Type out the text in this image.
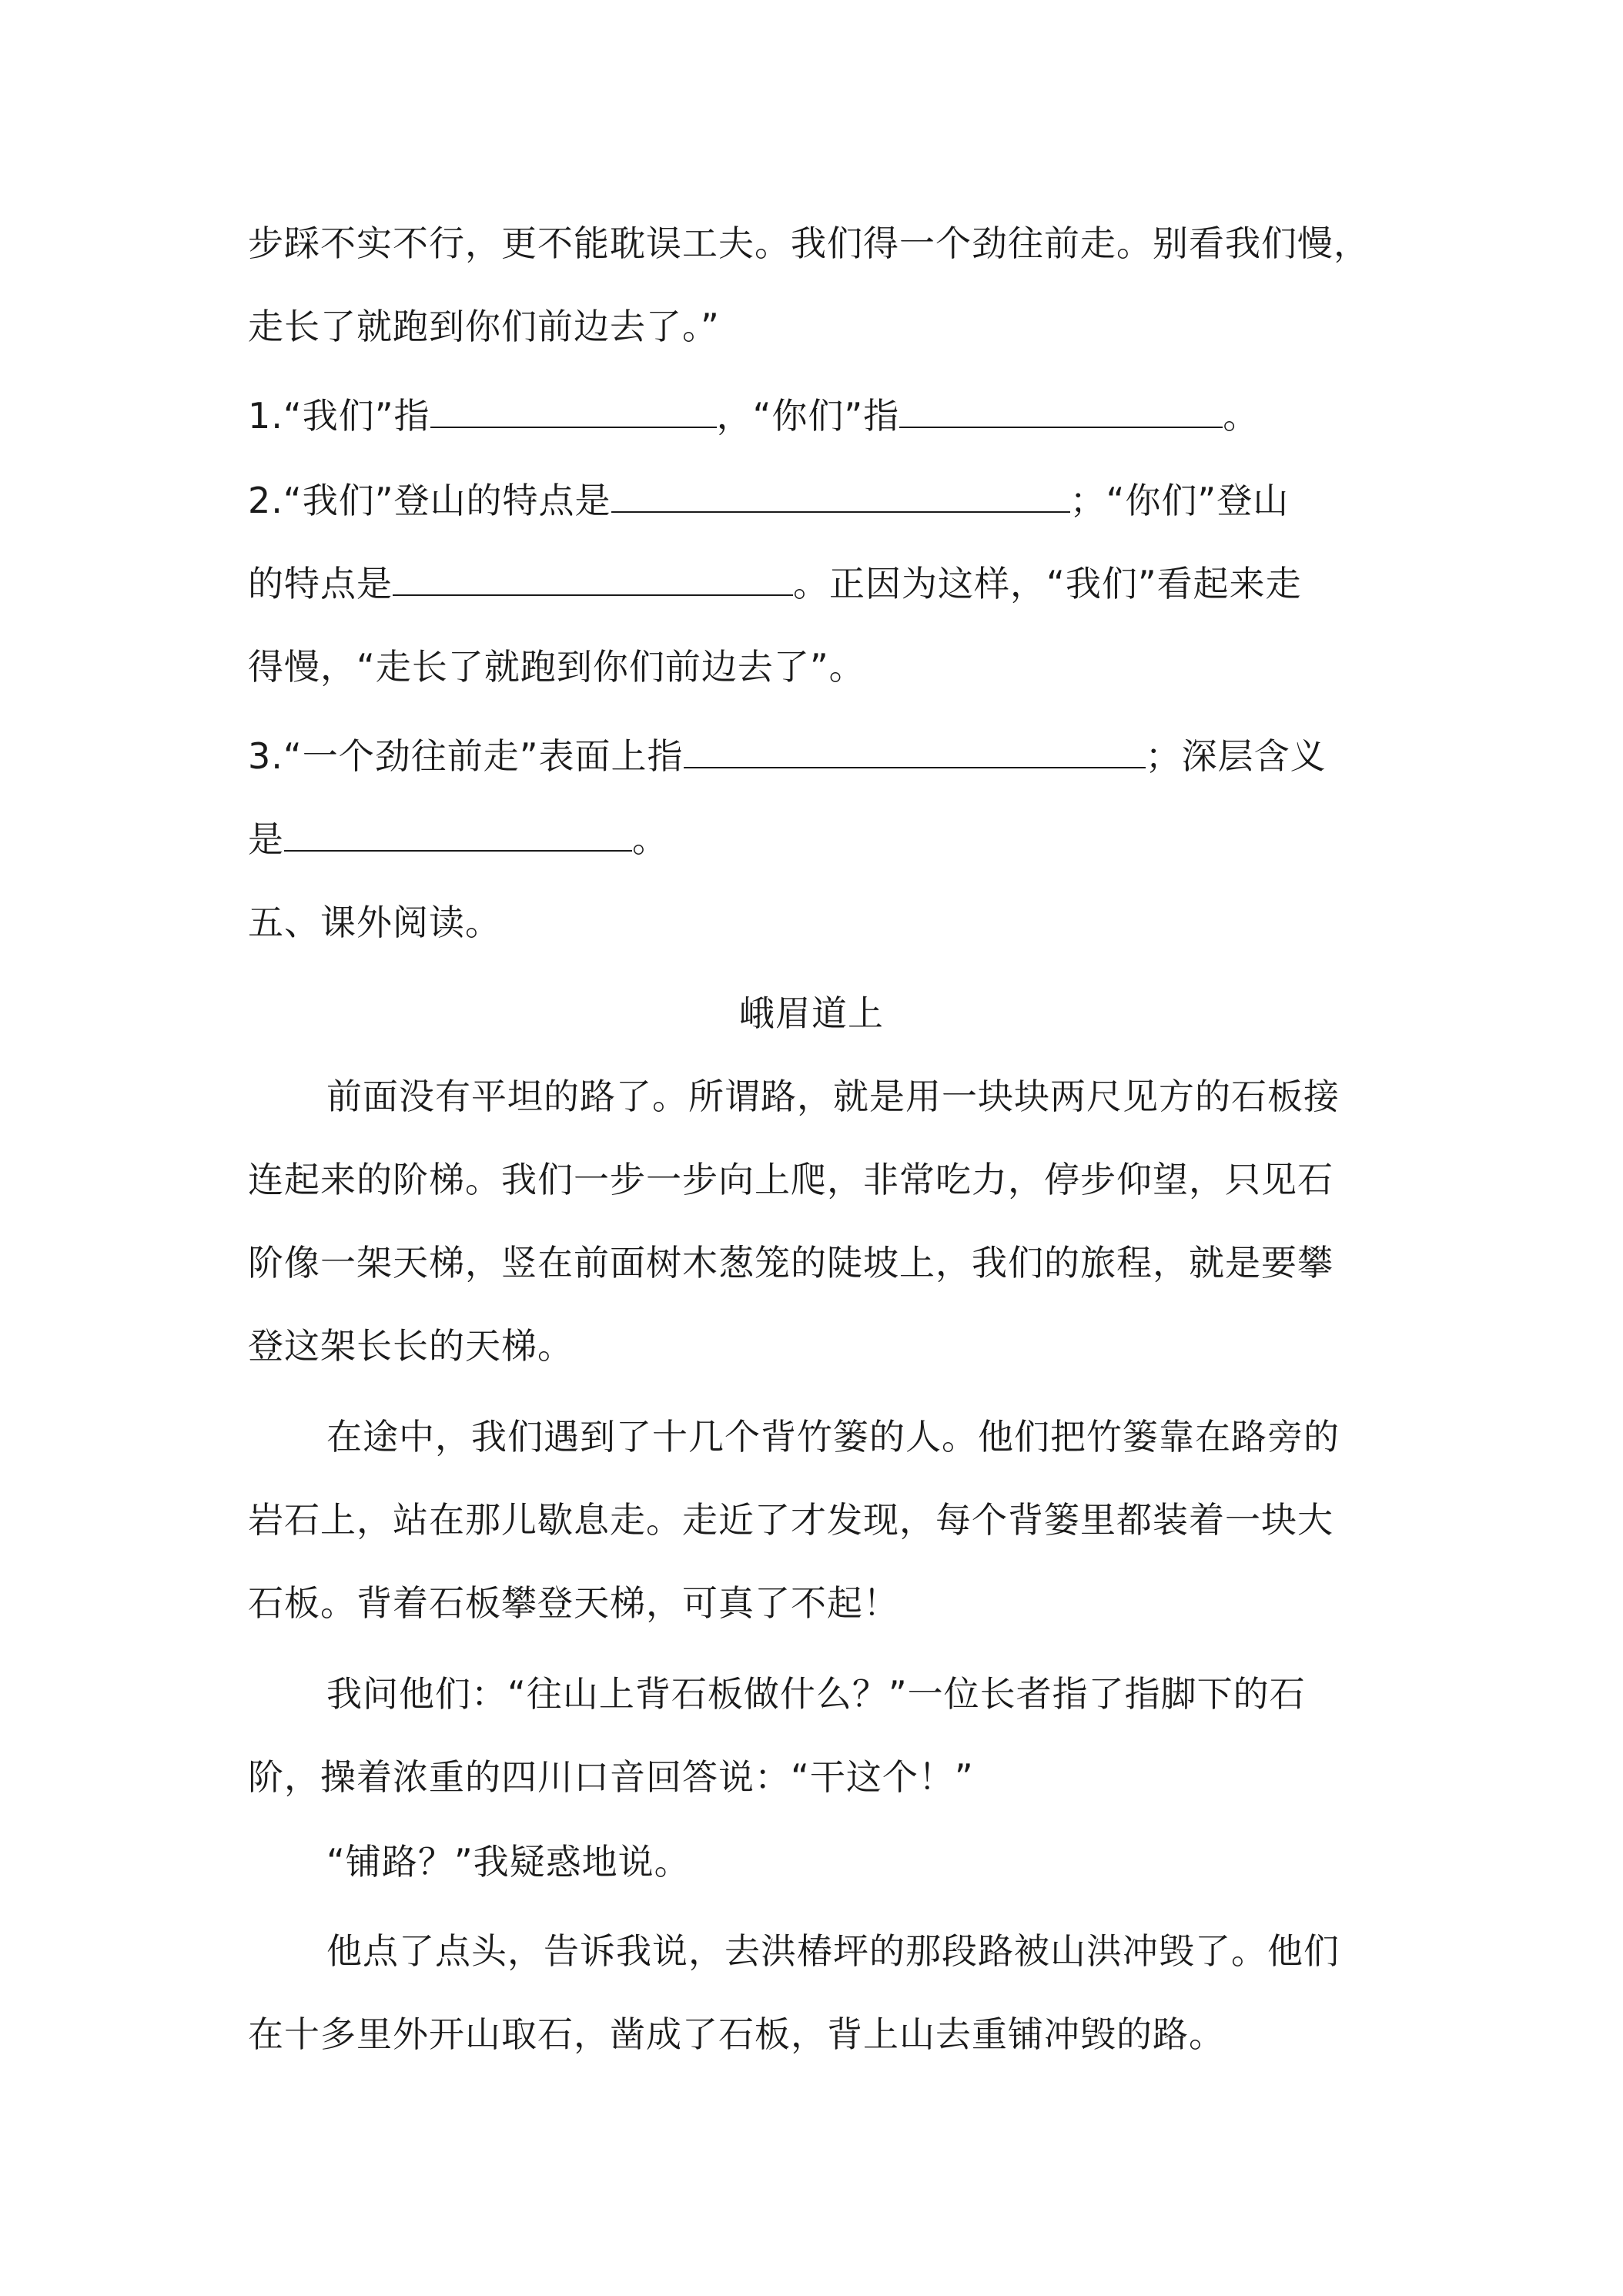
步踩不实不行，更不能耽误工夫。我们得一个劲往前走。别看我们慢，
走长了就跑到你们前边去了。”
1.“我们”指	，“你们”指	。
2.“我们”登山的特点是	；“你们”登山
的特点是	。正因为这样，“我们”看起来走
得慢，“走长了就跑到你们前边去了”。
3.“一个劲往前走”表面上指	；深层含义
是	。
五、课外阅读。
峨眉道上
前面没有平坦的路了。所谓路，就是用一块块两尺见方的石板接
连起来的阶梯。我们一步一步向上爬，非常吃力，停步仰望，只见石
阶像一架天梯，竖在前面树木葱笼的陡坡上，我们的旅程，就是要攀
登这架长长的天梯。
在途中，我们遇到了十几个背竹篓的人。他们把竹篓靠在路旁的
岩石上，站在那儿歇息走。走近了才发现，每个背篓里都装着一块大
石板。背着石板攀登天梯，可真了不起！
我问他们：“往山上背石板做什么？”一位长者指了指脚下的石
阶，操着浓重的四川口音回答说：“干这个！”
“铺路？”我疑惑地说。
他点了点头，告诉我说，去洪椿坪的那段路被山洪冲毁了。他们
在十多里外开山取石，凿成了石板，背上山去重铺冲毁的路。
